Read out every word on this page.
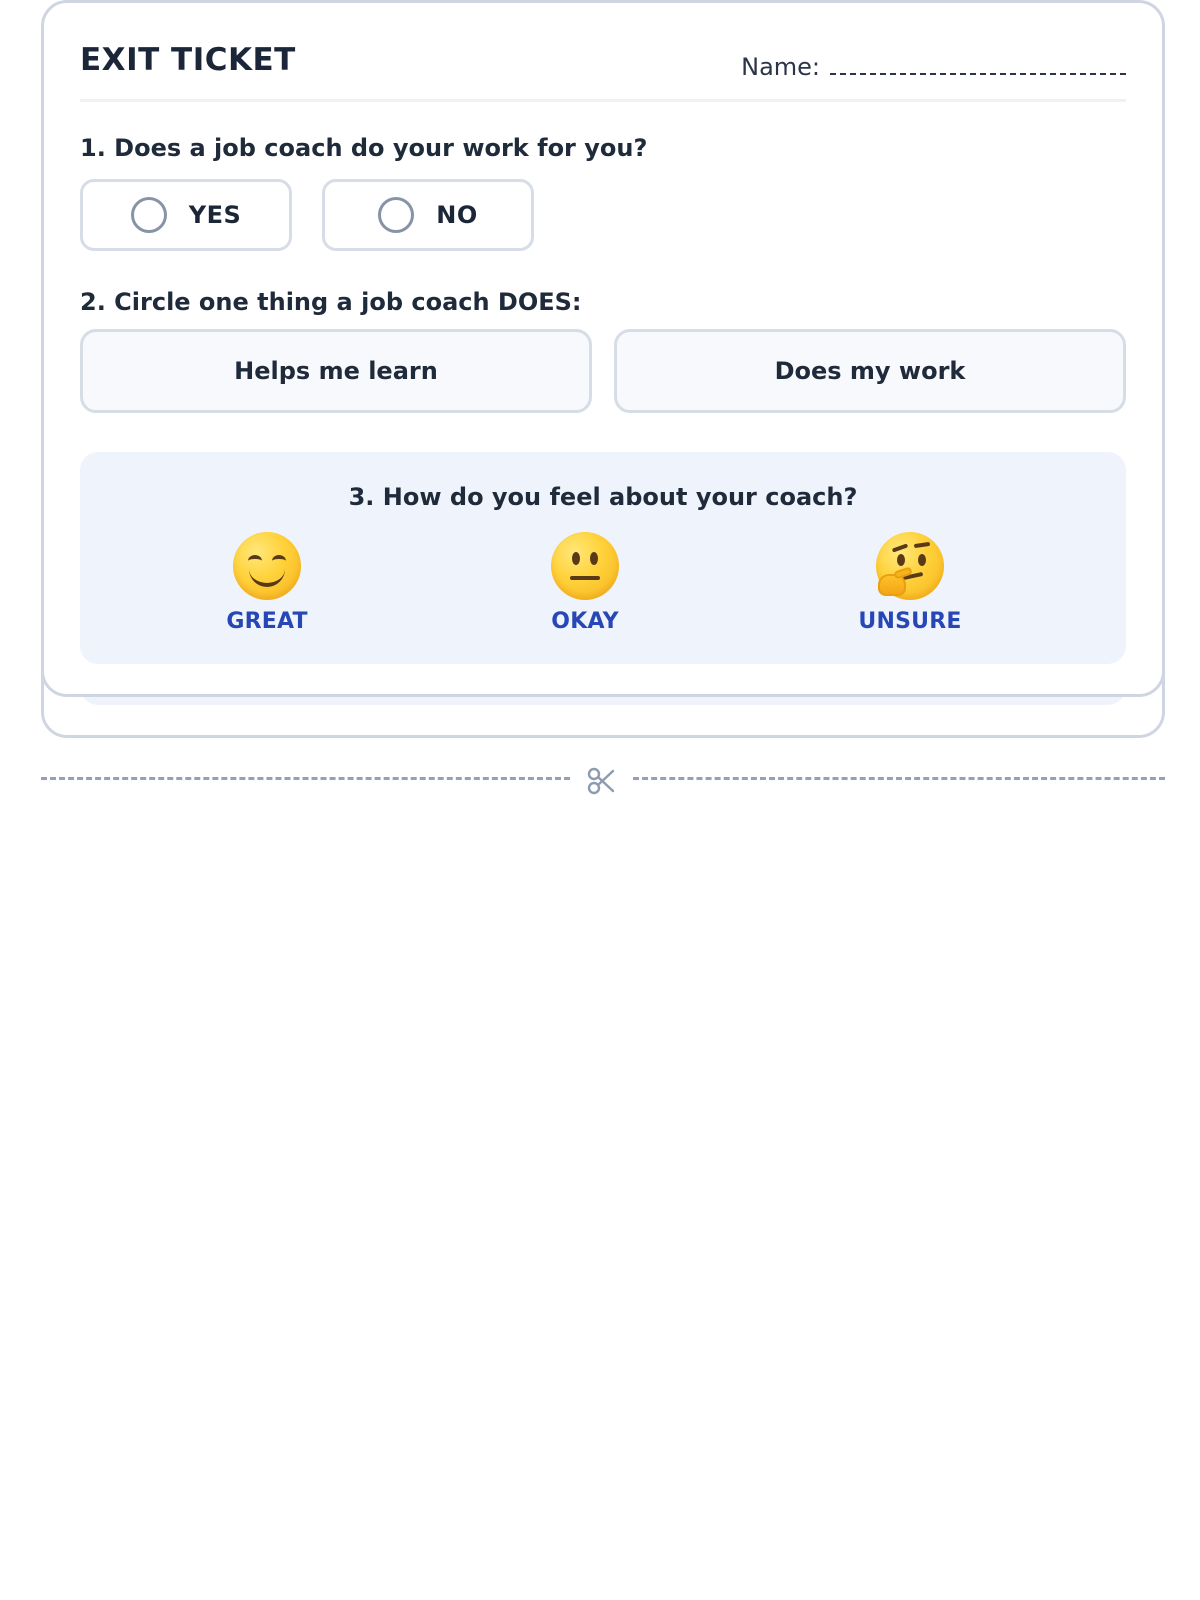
EXIT TICKET	Name:
1. Does a job coach do your work for you?
YES	NO
2. Circle one thing a job coach DOES:
Helps me learn	Does my work
3. How do you feel about your coach?
GREAT	OKAY	UNSURE
